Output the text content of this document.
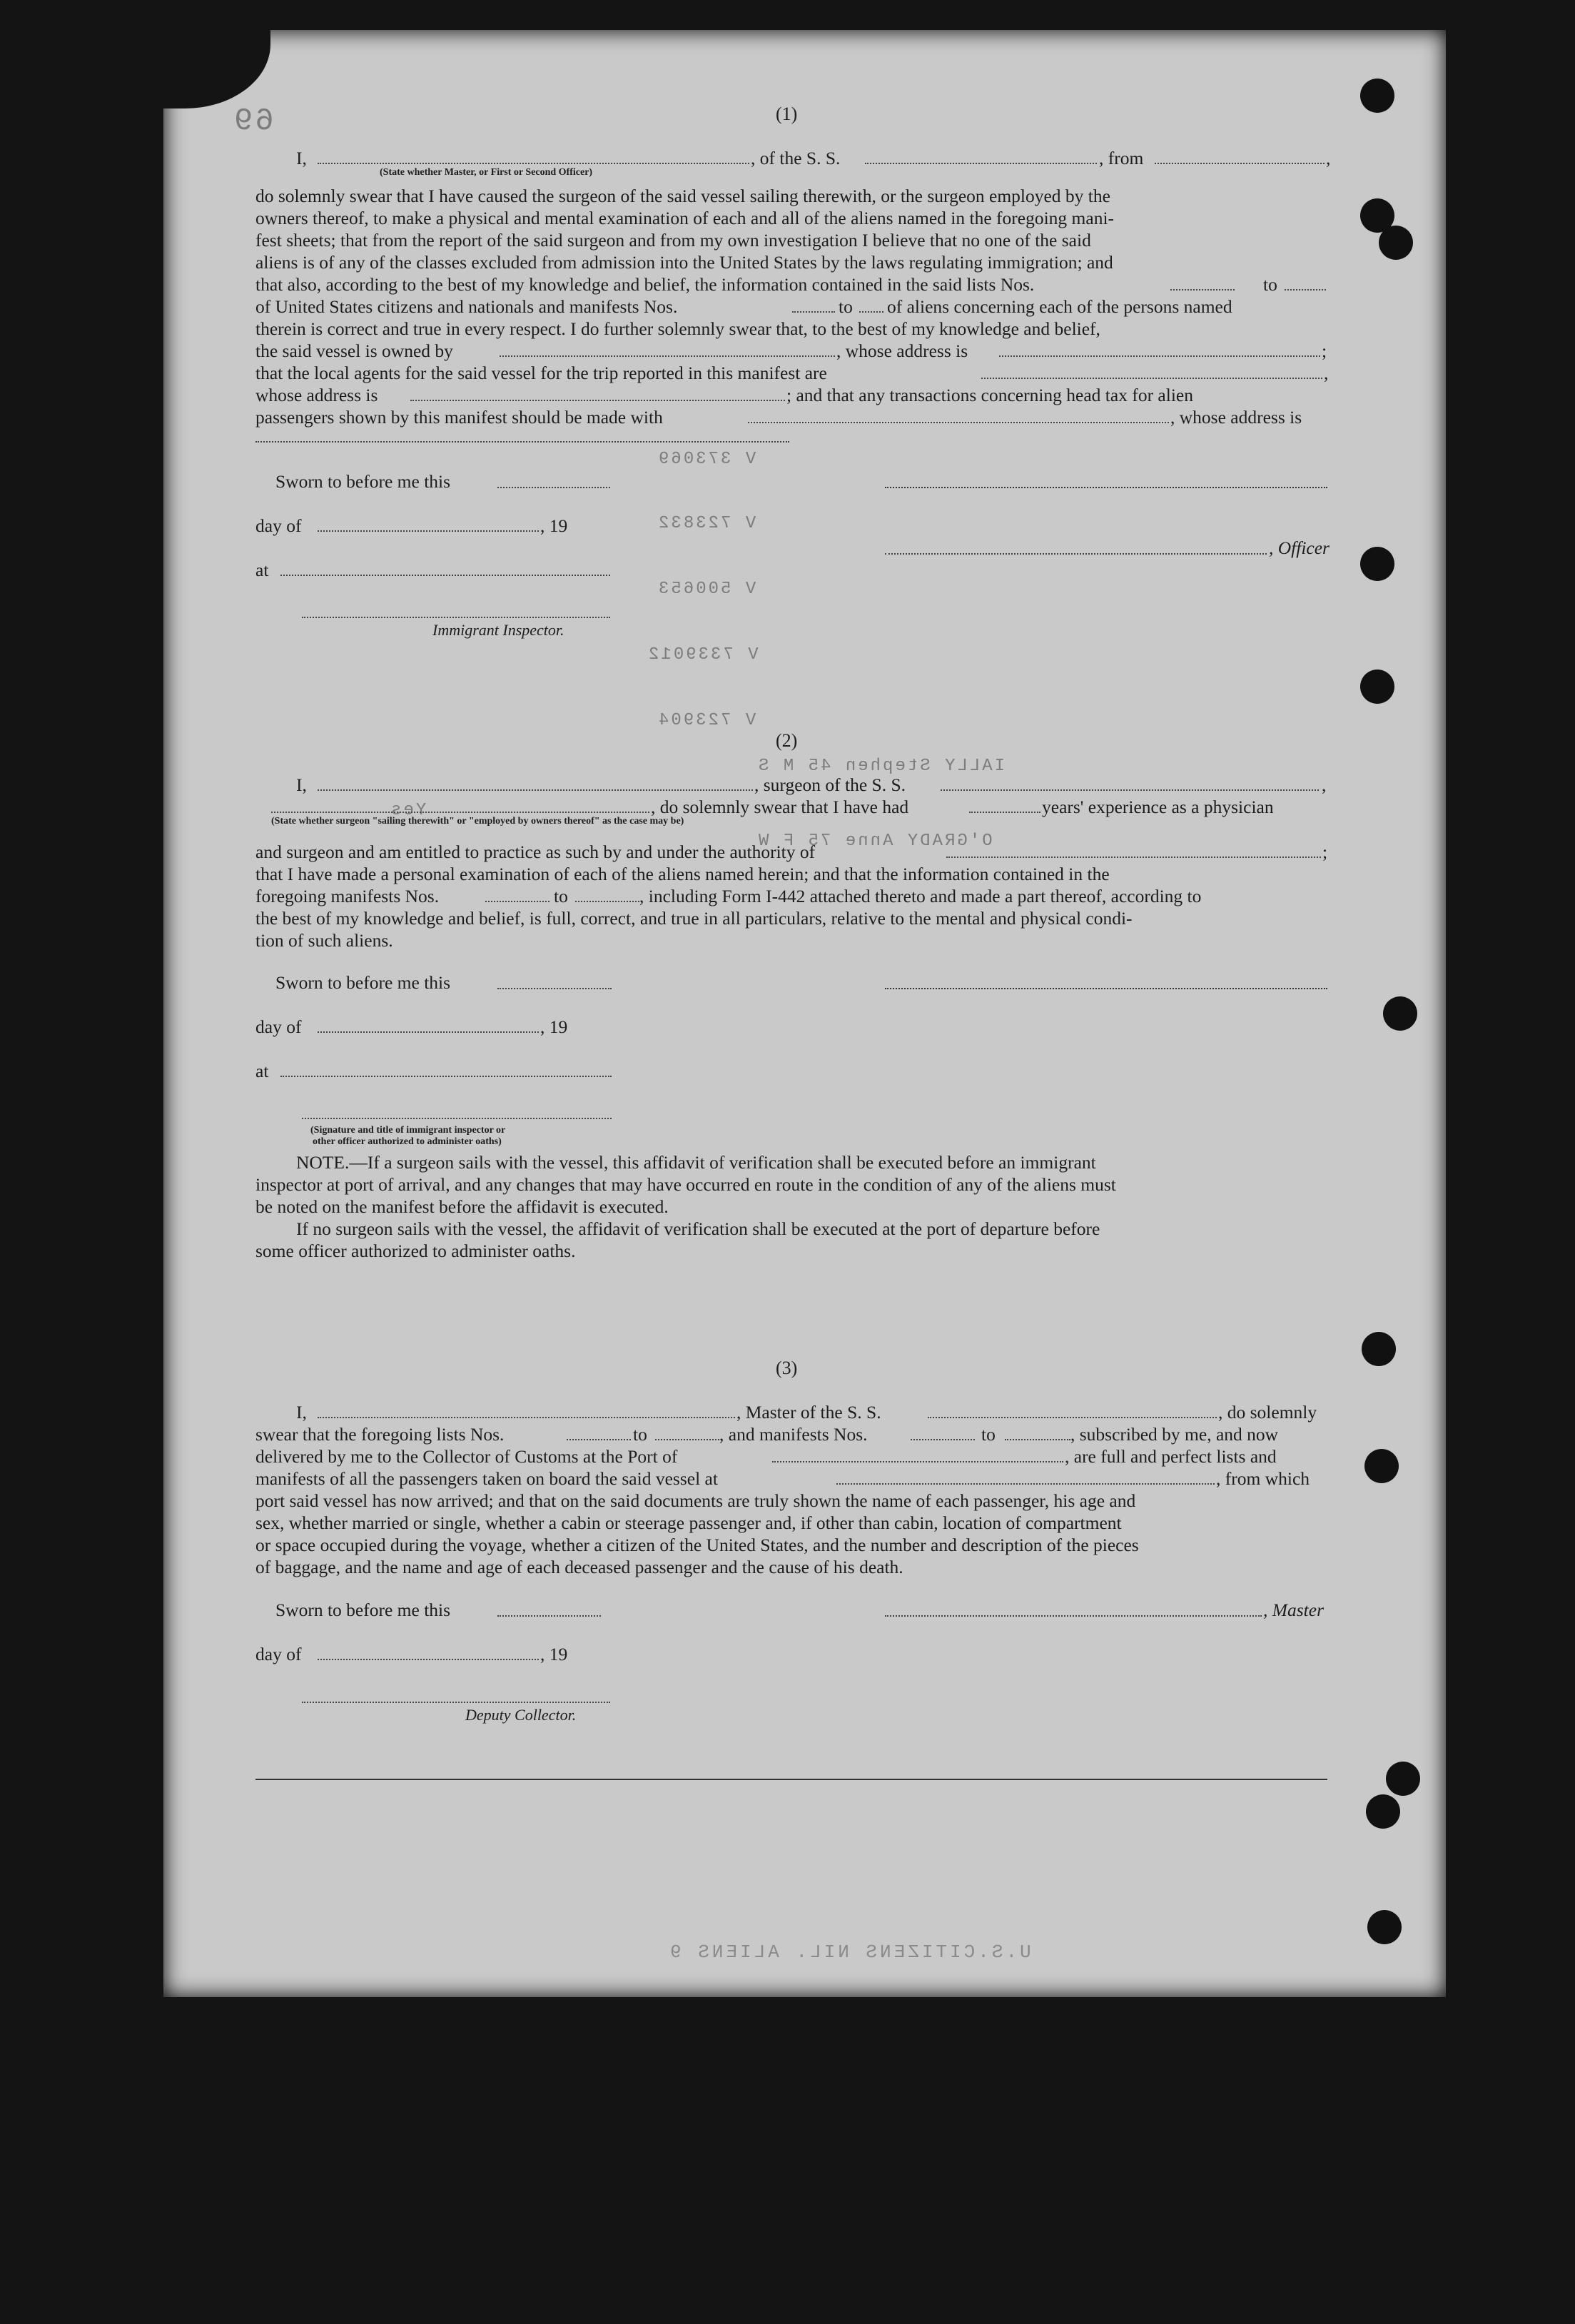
69
V 373069
V 723832
V 500653
V 7339012
V 723904
IALLY Stephen 45 M S
O'GRADY Anne 75 F W
Yes
(1)
I,	, of the S. S.	, from	,
(State whether Master, or First or Second Officer)
do solemnly swear that I have caused the surgeon of the said vessel sailing therewith, or the surgeon employed by the
owners thereof, to make a physical and mental examination of each and all of the aliens named in the foregoing mani-
fest sheets; that from the report of the said surgeon and from my own investigation I believe that no one of the said
aliens is of any of the classes excluded from admission into the United States by the laws regulating immigration; and
that also, according to the best of my knowledge and belief, the information contained in the said lists Nos.	to
of United States citizens and nationals and manifests Nos.	to of aliens concerning each of the persons named
therein is correct and true in every respect. I do further solemnly swear that, to the best of my knowledge and belief,
the said vessel is owned by	, whose address is	;
that the local agents for the said vessel for the trip reported in this manifest are	,
whose address is	; and that any transactions concerning head tax for alien
passengers shown by this manifest should be made with	, whose address is
Sworn to before me this
day of	, 19
, Officer
at
Immigrant Inspector.
(2)
I,	, surgeon of the S. S.	,
, do solemnly swear that I have had	years' experience as a physician
(State whether surgeon "sailing therewith" or "employed by owners thereof" as the case may be)
and surgeon and am entitled to practice as such by and under the authority of	;
that I have made a personal examination of each of the aliens named herein; and that the information contained in the
foregoing manifests Nos.	to	, including Form I-442 attached thereto and made a part thereof, according to
the best of my knowledge and belief, is full, correct, and true in all particulars, relative to the mental and physical condi-
tion of such aliens.
Sworn to before me this
day of	, 19
at
(Signature and title of immigrant inspector or
other officer authorized to administer oaths)
NOTE.—If a surgeon sails with the vessel, this affidavit of verification shall be executed before an immigrant
inspector at port of arrival, and any changes that may have occurred en route in the condition of any of the aliens must
be noted on the manifest before the affidavit is executed.
If no surgeon sails with the vessel, the affidavit of verification shall be executed at the port of departure before
some officer authorized to administer oaths.
(3)
I,	, Master of the S. S.	, do solemnly
swear that the foregoing lists Nos.	to	, and manifests Nos.	to	, subscribed by me, and now
delivered by me to the Collector of Customs at the Port of	, are full and perfect lists and
manifests of all the passengers taken on board the said vessel at	, from which
port said vessel has now arrived; and that on the said documents are truly shown the name of each passenger, his age and
sex, whether married or single, whether a cabin or steerage passenger and, if other than cabin, location of compartment
or space occupied during the voyage, whether a citizen of the United States, and the number and description of the pieces
of baggage, and the name and age of each deceased passenger and the cause of his death.
Sworn to before me this	, Master
day of	, 19
Deputy Collector.
U.S.CITIZENS NIL. ALIENS 9
